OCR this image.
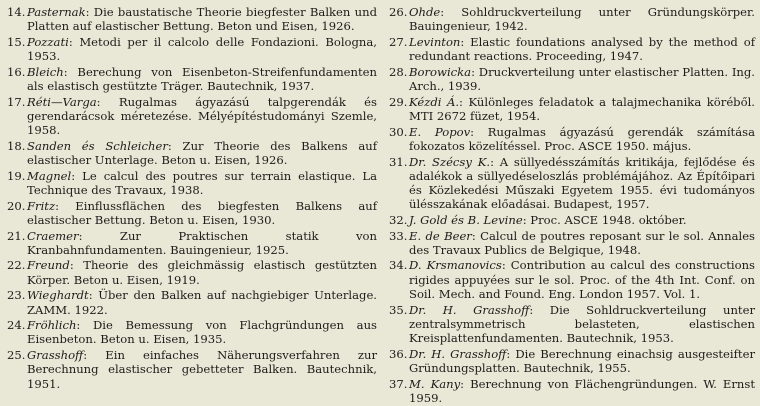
14. Pasternak: Die baustatische Theorie biegfester Balken und Platten auf elastischer Bettung. Beton und Eisen, 1926.
15. Pozzati: Metodi per il calcolo delle Fondazioni. Bologna, 1953.
16. Bleich: Berechung von Eisenbeton-Streifenfundamenten als elastisch gestützte Träger. Bautechnik, 1937.
17. Réti—Varga: Rugalmas ágyazású talpgerendák és gerendarácsok méretezése. Mélyépítéstudományi Szemle, 1958.
18. Sanden és Schleicher: Zur Theorie des Balkens auf elastischer Unterlage. Beton u. Eisen, 1926.
19. Magnel: Le calcul des poutres sur terrain elastique. La Technique des Travaux, 1938.
20. Fritz: Einflussflächen des biegfesten Balkens auf elastischer Bettung. Beton u. Eisen, 1930.
21. Craemer: Zur Praktischen statik von Kranbahnfundamenten. Bauingenieur, 1925.
22. Freund: Theorie des gleichmässig elastisch gestützten Körper. Beton u. Eisen, 1919.
23. Wieghardt: Über den Balken auf nachgiebiger Unterlage. ZAMM. 1922.
24. Fröhlich: Die Bemessung von Flachgründungen aus Eisenbeton. Beton u. Eisen, 1935.
25. Grasshoff: Ein einfaches Näherungsverfahren zur Berechnung elastischer gebetteter Balken. Bautechnik, 1951.
26. Ohde: Sohldruckverteilung unter Gründungskörper. Bauingenieur, 1942.
27. Levinton: Elastic foundations analysed by the method of redundant reactions. Proceeding, 1947.
28. Borowicka: Druckverteilung unter elastischer Platten. Ing. Arch., 1939.
29. Kézdi Á.: Különleges feladatok a talajmechanika köréből. MTI 2672 füzet, 1954.
30. E. Popov: Rugalmas ágyazású gerendák számítása fokozatos közelítéssel. Proc. ASCE 1950. május.
31. Dr. Szécsy K.: A süllyedésszámítás kritikája, fejlődése és adalékok a süllyedéseloszlás problémájához. Az Építőipari és Közlekedési Műszaki Egyetem 1955. évi tudományos ülésszakának előadásai. Budapest, 1957.
32. J. Gold és B. Levine: Proc. ASCE 1948. október.
33. E. de Beer: Calcul de poutres reposant sur le sol. Annales des Travaux Publics de Belgique, 1948.
34. D. Krsmanovics: Contribution au calcul des constructions rigides appuyées sur le sol. Proc. of the 4th Int. Conf. on Soil. Mech. and Found. Eng. London 1957. Vol. 1.
35. Dr. H. Grasshoff: Die Sohldruckverteilung unter zentralsymmetrisch belasteten, elastischen Kreisplattenfundamenten. Bautechnik, 1953.
36. Dr. H. Grasshoff: Die Berechnung einachsig ausgesteifter Gründungsplatten. Bautechnik, 1955.
37. M. Kany: Berechnung von Flächengründungen. W. Ernst 1959.
